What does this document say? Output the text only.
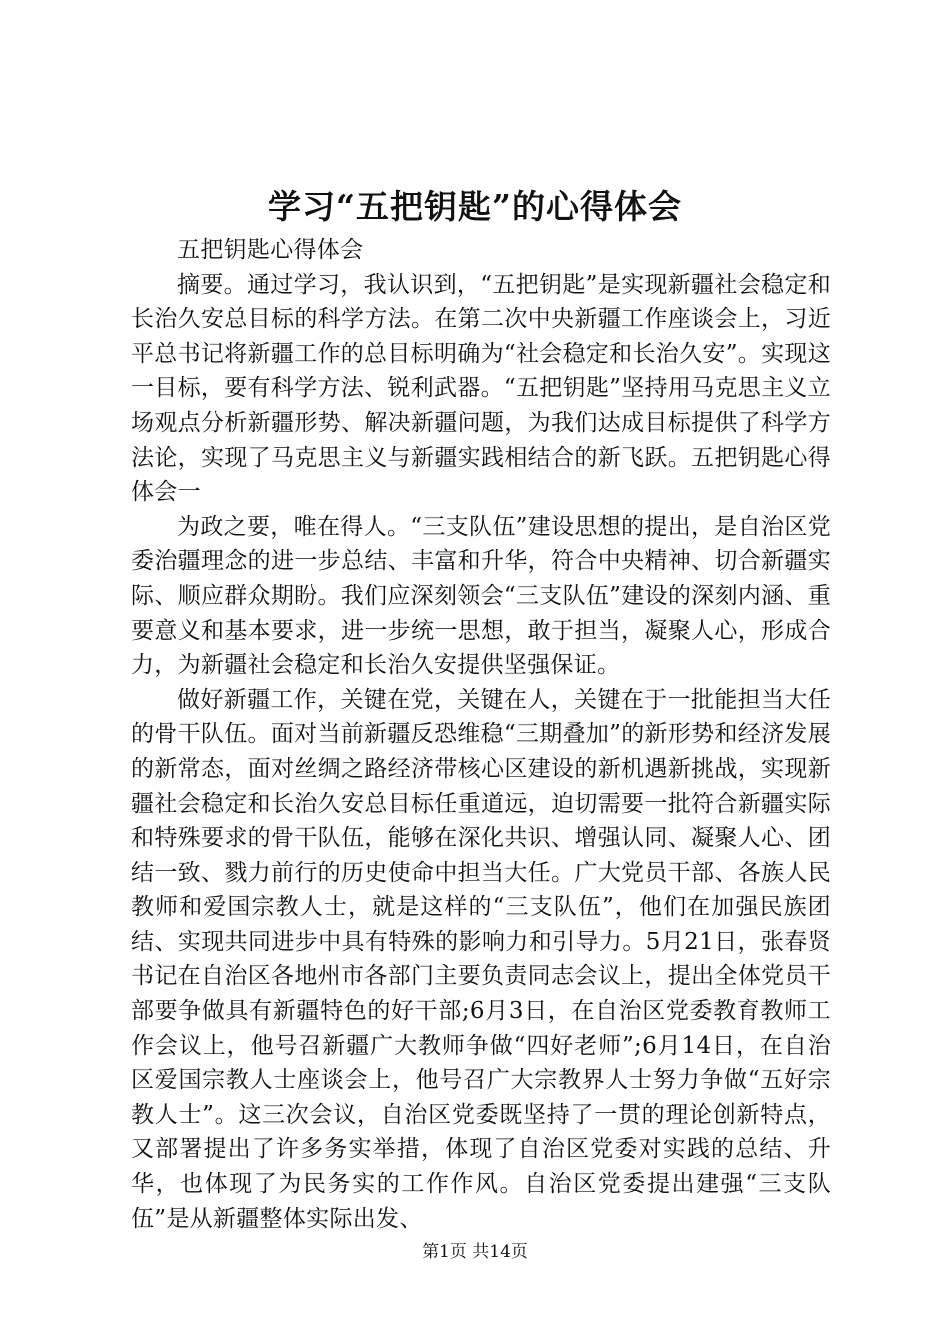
学习“五把钥匙”的心得体会

五把钥匙心得体会

摘要。通过学习，我认识到，“五把钥匙”是实现新疆社会稳定和长治久安总目标的科学方法。在第二次中央新疆工作座谈会上，习近平总书记将新疆工作的总目标明确为“社会稳定和长治久安”。实现这一目标，要有科学方法、锐利武器。“五把钥匙”坚持用马克思主义立场观点分析新疆形势、解决新疆问题，为我们达成目标提供了科学方法论，实现了马克思主义与新疆实践相结合的新飞跃。五把钥匙心得体会一

为政之要，唯在得人。“三支队伍”建设思想的提出，是自治区党委治疆理念的进一步总结、丰富和升华，符合中央精神、切合新疆实际、顺应群众期盼。我们应深刻领会“三支队伍”建设的深刻内涵、重要意义和基本要求，进一步统一思想，敢于担当，凝聚人心，形成合力，为新疆社会稳定和长治久安提供坚强保证。

做好新疆工作，关键在党，关键在人，关键在于一批能担当大任的骨干队伍。面对当前新疆反恐维稳“三期叠加”的新形势和经济发展的新常态，面对丝绸之路经济带核心区建设的新机遇新挑战，实现新疆社会稳定和长治久安总目标任重道远，迫切需要一批符合新疆实际和特殊要求的骨干队伍，能够在深化共识、增强认同、凝聚人心、团结一致、戮力前行的历史使命中担当大任。广大党员干部、各族人民教师和爱国宗教人士，就是这样的“三支队伍”，他们在加强民族团结、实现共同进步中具有特殊的影响力和引导力。5月21日，张春贤书记在自治区各地州市各部门主要负责同志会议上，提出全体党员干部要争做具有新疆特色的好干部;6月3日，在自治区党委教育教师工作会议上，他号召新疆广大教师争做“四好老师”;6月14日，在自治区爱国宗教人士座谈会上，他号召广大宗教界人士努力争做“五好宗教人士”。这三次会议，自治区党委既坚持了一贯的理论创新特点，又部署提出了许多务实举措，体现了自治区党委对实践的总结、升华，也体现了为民务实的工作作风。自治区党委提出建强“三支队伍”是从新疆整体实际出发、

第1页 共14页
